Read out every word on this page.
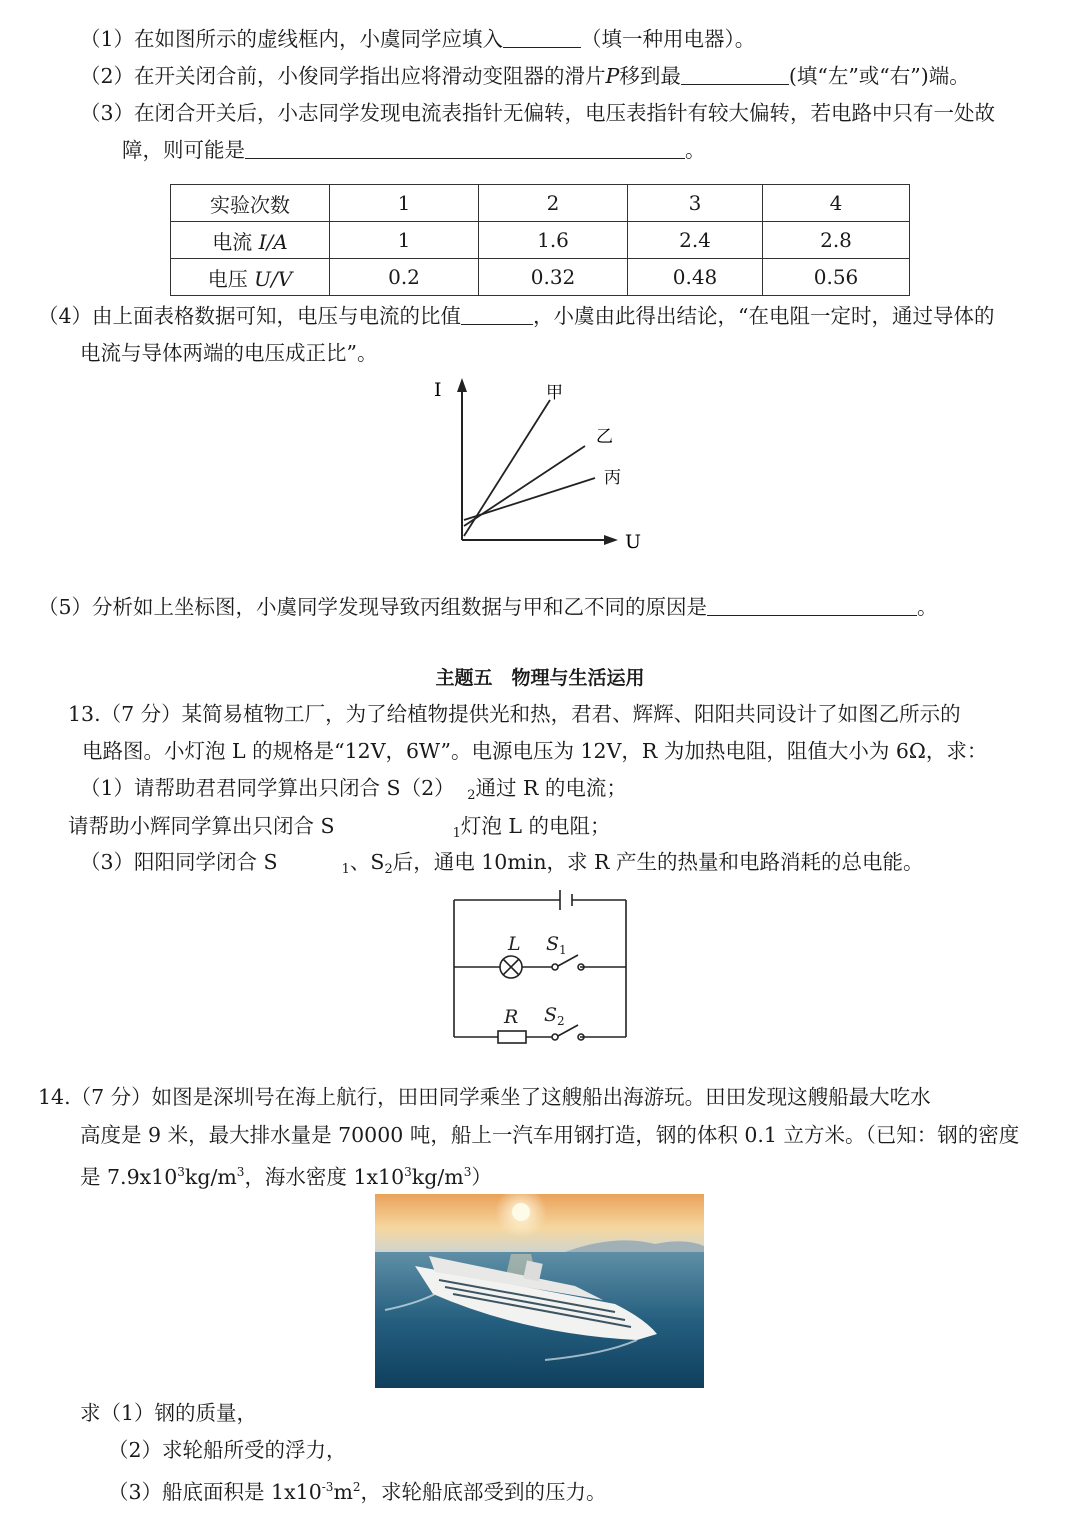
（1）在如图所示的虚线框内，小虞同学应填入	（填一种用电器）。
（2）在开关闭合前，小俊同学指出应将滑动变阻器的滑片P移到最	(填“左”或“右”)端。
（3）在闭合开关后，小志同学发现电流表指针无偏转，电压表指针有较大偏转，若电路中只有一处故
障，则可能是	。
实验次数	1	2	3	4
电流 I/A	1	1.6	2.4	2.8
电压 U/V	0.2	0.32	0.48	0.56
（4）由上面表格数据可知，电压与电流的比值	，小虞由此得出结论，“在电阻一定时，通过导体的
电流与导体两端的电压成正比”。
I
U
甲
乙
丙
（5）分析如上坐标图，小虞同学发现导致丙组数据与甲和乙不同的原因是	。
主题五　物理与生活运用
13.（7 分）某简易植物工厂，为了给植物提供光和热，君君、辉辉、阳阳共同设计了如图乙所示的
电路图。小灯泡 L 的规格是“12V，6W”。电源电压为 12V，R 为加热电阻，阻值大小为 6Ω，求：
（1）请帮助君君同学算出只闭合 S（2） $_2$通过 R 的电流；
请帮助小辉同学算出只闭合 S	$_1$灯泡 L 的电阻；
（3）阳阳同学闭合 S	$_1$、$S_2$后，通电 10min，求 R 产生的热量和电路消耗的总电能。
L S 1
R S 2
14.（7 分）如图是深圳号在海上航行，田田同学乘坐了这艘船出海游玩。田田发现这艘船最大吃水
高度是 9 米，最大排水量是 70000 吨，船上一汽车用钢打造，钢的体积 0.1 立方米。（已知：钢的密度
是 $7.9x10^3kg/m^3$，海水密度 $1x10^3kg/m^3$）
求（1）钢的质量，
（2）求轮船所受的浮力，
（3）船底面积是 $1x10^{-3}m^2$，求轮船底部受到的压力。
